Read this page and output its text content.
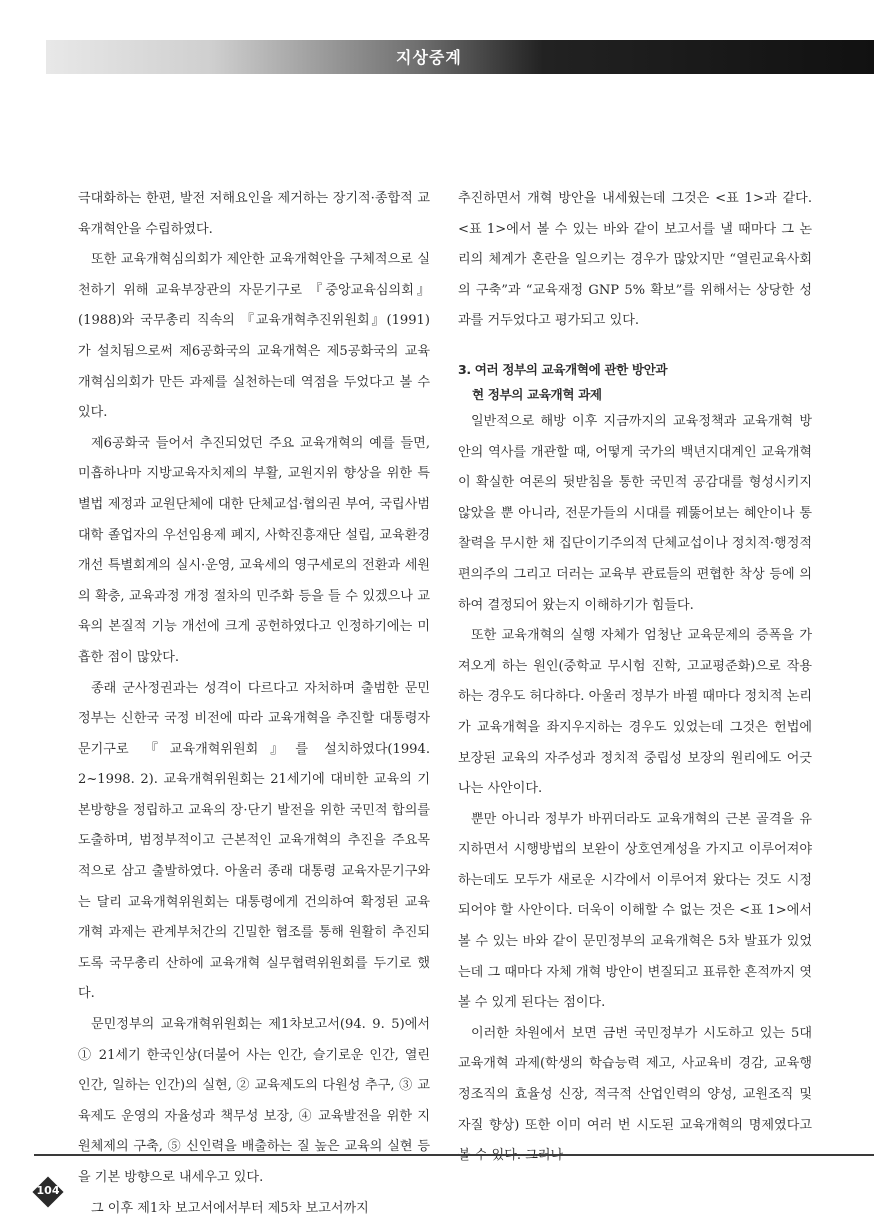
지상중계

극대화하는 한편, 발전 저해요인을 제거하는 장기적·종합적 교육개혁안을 수립하였다.

또한 교육개혁심의회가 제안한 교육개혁안을 구체적으로 실천하기 위해 교육부장관의 자문기구로 『중앙교육심의회』(1988)와 국무총리 직속의 『교육개혁추진위원회』(1991)가 설치됨으로써 제6공화국의 교육개혁은 제5공화국의 교육개혁심의회가 만든 과제를 실천하는데 역점을 두었다고 볼 수 있다.

제6공화국 들어서 추진되었던 주요 교육개혁의 예를 들면, 미흡하나마 지방교육자치제의 부활, 교원지위 향상을 위한 특별법 제정과 교원단체에 대한 단체교섭·협의권 부여, 국립사범대학 졸업자의 우선임용제 폐지, 사학진흥재단 설립, 교육환경 개선 특별회계의 실시·운영, 교육세의 영구세로의 전환과 세원의 확충, 교육과정 개정 절차의 민주화 등을 들 수 있겠으나 교육의 본질적 기능 개선에 크게 공헌하였다고 인정하기에는 미흡한 점이 많았다.

종래 군사정권과는 성격이 다르다고 자처하며 출범한 문민정부는 신한국 국정 비전에 따라 교육개혁을 추진할 대통령자문기구로 『교육개혁위원회』를 설치하였다(1994. 2~1998. 2). 교육개혁위원회는 21세기에 대비한 교육의 기본방향을 정립하고 교육의 장·단기 발전을 위한 국민적 합의를 도출하며, 범정부적이고 근본적인 교육개혁의 추진을 주요목적으로 삼고 출발하였다. 아울러 종래 대통령 교육자문기구와는 달리 교육개혁위원회는 대통령에게 건의하여 확정된 교육개혁 과제는 관계부처간의 긴밀한 협조를 통해 원활히 추진되도록 국무총리 산하에 교육개혁 실무협력위원회를 두기로 했다.

문민정부의 교육개혁위원회는 제1차보고서(94. 9. 5)에서 ① 21세기 한국인상(더불어 사는 인간, 슬기로운 인간, 열린 인간, 일하는 인간)의 실현, ② 교육제도의 다원성 추구, ③ 교육제도 운영의 자율성과 책무성 보장, ④ 교육발전을 위한 지원체제의 구축, ⑤ 신인력을 배출하는 질 높은 교육의 실현 등을 기본 방향으로 내세우고 있다.

그 이후 제1차 보고서에서부터 제5차 보고서까지

추진하면서 개혁 방안을 내세웠는데 그것은 <표 1>과 같다. <표 1>에서 볼 수 있는 바와 같이 보고서를 낼 때마다 그 논리의 체계가 혼란을 일으키는 경우가 많았지만 “열린교육사회의 구축”과 “교육재정 GNP 5% 확보”를 위해서는 상당한 성과를 거두었다고 평가되고 있다.

3. 여러 정부의 교육개혁에 관한 방안과
현 정부의 교육개혁 과제

일반적으로 해방 이후 지금까지의 교육정책과 교육개혁 방안의 역사를 개관할 때, 어떻게 국가의 백년지대계인 교육개혁이 확실한 여론의 뒷받침을 통한 국민적 공감대를 형성시키지 않았을 뿐 아니라, 전문가들의 시대를 꿰뚫어보는 혜안이나 통찰력을 무시한 채 집단이기주의적 단체교섭이나 정치적·행정적 편의주의 그리고 더러는 교육부 관료들의 편협한 착상 등에 의하여 결정되어 왔는지 이해하기가 힘들다.

또한 교육개혁의 실행 자체가 엄청난 교육문제의 증폭을 가져오게 하는 원인(중학교 무시험 진학, 고교평준화)으로 작용하는 경우도 허다하다. 아울러 정부가 바뀔 때마다 정치적 논리가 교육개혁을 좌지우지하는 경우도 있었는데 그것은 헌법에 보장된 교육의 자주성과 정치적 중립성 보장의 원리에도 어긋나는 사안이다.

뿐만 아니라 정부가 바뀌더라도 교육개혁의 근본 골격을 유지하면서 시행방법의 보완이 상호연계성을 가지고 이루어져야 하는데도 모두가 새로운 시각에서 이루어져 왔다는 것도 시정되어야 할 사안이다. 더욱이 이해할 수 없는 것은 <표 1>에서 볼 수 있는 바와 같이 문민정부의 교육개혁은 5차 발표가 있었는데 그 때마다 자체 개혁 방안이 변질되고 표류한 흔적까지 엿볼 수 있게 된다는 점이다.

이러한 차원에서 보면 금번 국민정부가 시도하고 있는 5대 교육개혁 과제(학생의 학습능력 제고, 사교육비 경감, 교육행정조직의 효율성 신장, 적극적 산업인력의 양성, 교원조직 및 자질 향상) 또한 이미 여러 번 시도된 교육개혁의 명제였다고

104
